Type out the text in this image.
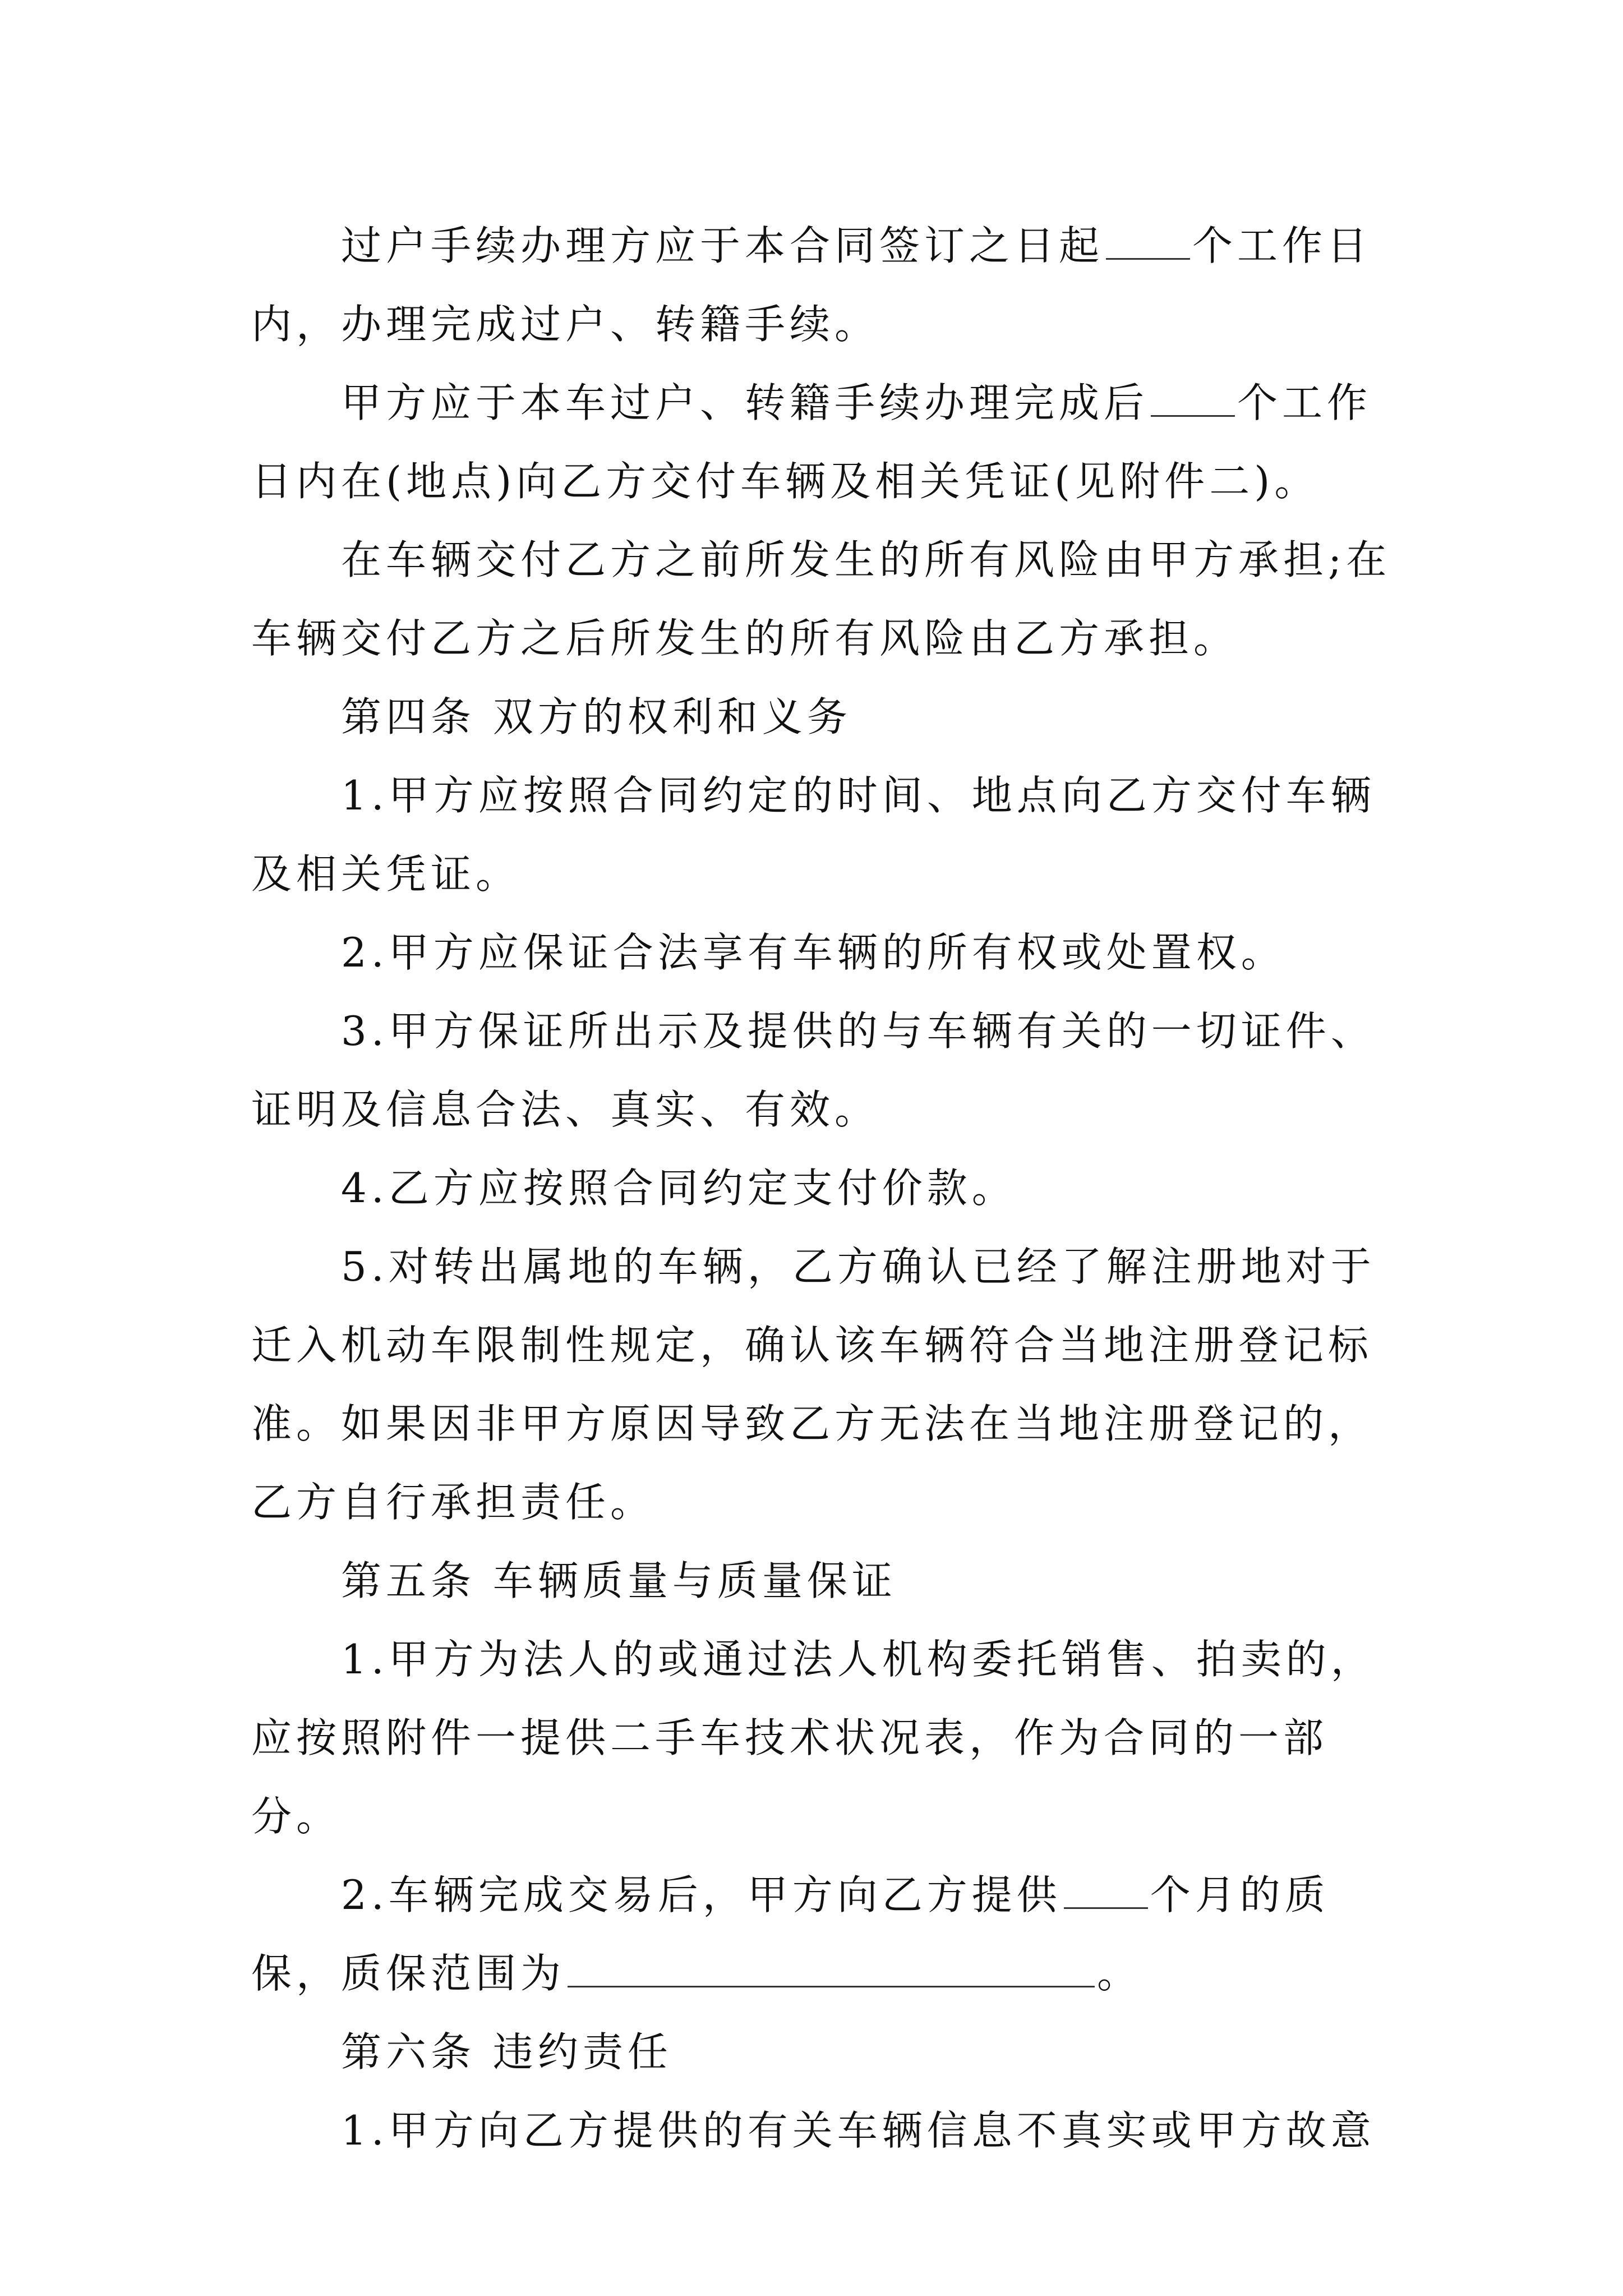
过户手续办理方应于本合同签订之日起 个工作日内，办理完成过户、转籍手续。

甲方应于本车过户、转籍手续办理完成后 个工作日内在(地点)向乙方交付车辆及相关凭证(见附件二)。

在车辆交付乙方之前所发生的所有风险由甲方承担;在车辆交付乙方之后所发生的所有风险由乙方承担。

第四条 双方的权利和义务

1.甲方应按照合同约定的时间、地点向乙方交付车辆及相关凭证。

2.甲方应保证合法享有车辆的所有权或处置权。

3.甲方保证所出示及提供的与车辆有关的一切证件、证明及信息合法、真实、有效。

4.乙方应按照合同约定支付价款。

5.对转出属地的车辆，乙方确认已经了解注册地对于迁入机动车限制性规定，确认该车辆符合当地注册登记标准。如果因非甲方原因导致乙方无法在当地注册登记的，乙方自行承担责任。

第五条 车辆质量与质量保证

1.甲方为法人的或通过法人机构委托销售、拍卖的，应按照附件一提供二手车技术状况表，作为合同的一部分。

2.车辆完成交易后，甲方向乙方提供 个月的质保，质保范围为	。

第六条 违约责任

1.甲方向乙方提供的有关车辆信息不真实或甲方故意
